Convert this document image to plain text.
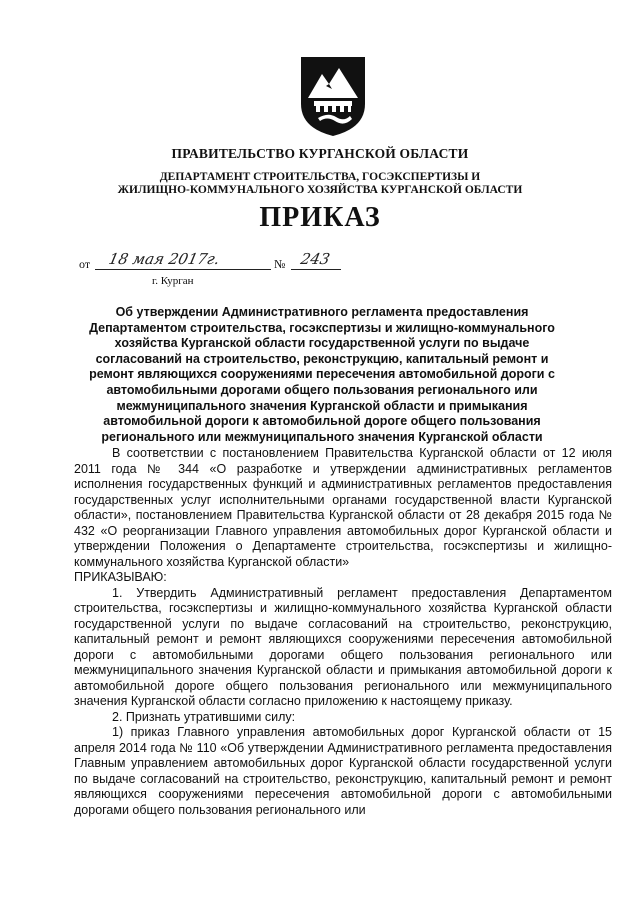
ПРАВИТЕЛЬСТВО КУРГАНСКОЙ ОБЛАСТИ
ДЕПАРТАМЕНТ СТРОИТЕЛЬСТВА, ГОСЭКСПЕРТИЗЫ И
ЖИЛИЩНО-КОММУНАЛЬНОГО ХОЗЯЙСТВА КУРГАНСКОЙ ОБЛАСТИ
ПРИКАЗ
от 18 мая 2017г.	№ 243
г. Курган
Об утверждении Административного регламента предоставления Департаментом строительства, госэкспертизы и жилищно-коммунального хозяйства Курганской области государственной услуги по выдаче согласований на строительство, реконструкцию, капитальный ремонт и ремонт являющихся сооружениями пересечения автомобильной дороги с автомобильными дорогами общего пользования регионального или межмуниципального значения Курганской области и примыкания автомобильной дороги к автомобильной дороге общего пользования регионального или межмуниципального значения Курганской области

В соответствии с постановлением Правительства Курганской области от 12 июля 2011 года № 344 «О разработке и утверждении административных регламентов исполнения государственных функций и административных регламентов предоставления государственных услуг исполнительными органами государственной власти Курганской области», постановлением Правительства Курганской области от 28 декабря 2015 года № 432 «О реорганизации Главного управления автомобильных дорог Курганской области и утверждении Положения о Департаменте строительства, госэкспертизы и жилищно-коммунального хозяйства Курганской области»

ПРИКАЗЫВАЮ:

1. Утвердить Административный регламент предоставления Департаментом строительства, госэкспертизы и жилищно-коммунального хозяйства Курганской области государственной услуги по выдаче согласований на строительство, реконструкцию, капитальный ремонт и ремонт являющихся сооружениями пересечения автомобильной дороги с автомобильными дорогами общего пользования регионального или межмуниципального значения Курганской области и примыкания автомобильной дороги к автомобильной дороге общего пользования регионального или межмуниципального значения Курганской области согласно приложению к настоящему приказу.

2. Признать утратившими силу:

1) приказ Главного управления автомобильных дорог Курганской области от 15 апреля 2014 года № 110 «Об утверждении Административного регламента предоставления Главным управлением автомобильных дорог Курганской области государственной услуги по выдаче согласований на строительство, реконструкцию, капитальный ремонт и ремонт являющихся сооружениями пересечения автомобильной дороги с автомобильными дорогами общего пользования регионального или
